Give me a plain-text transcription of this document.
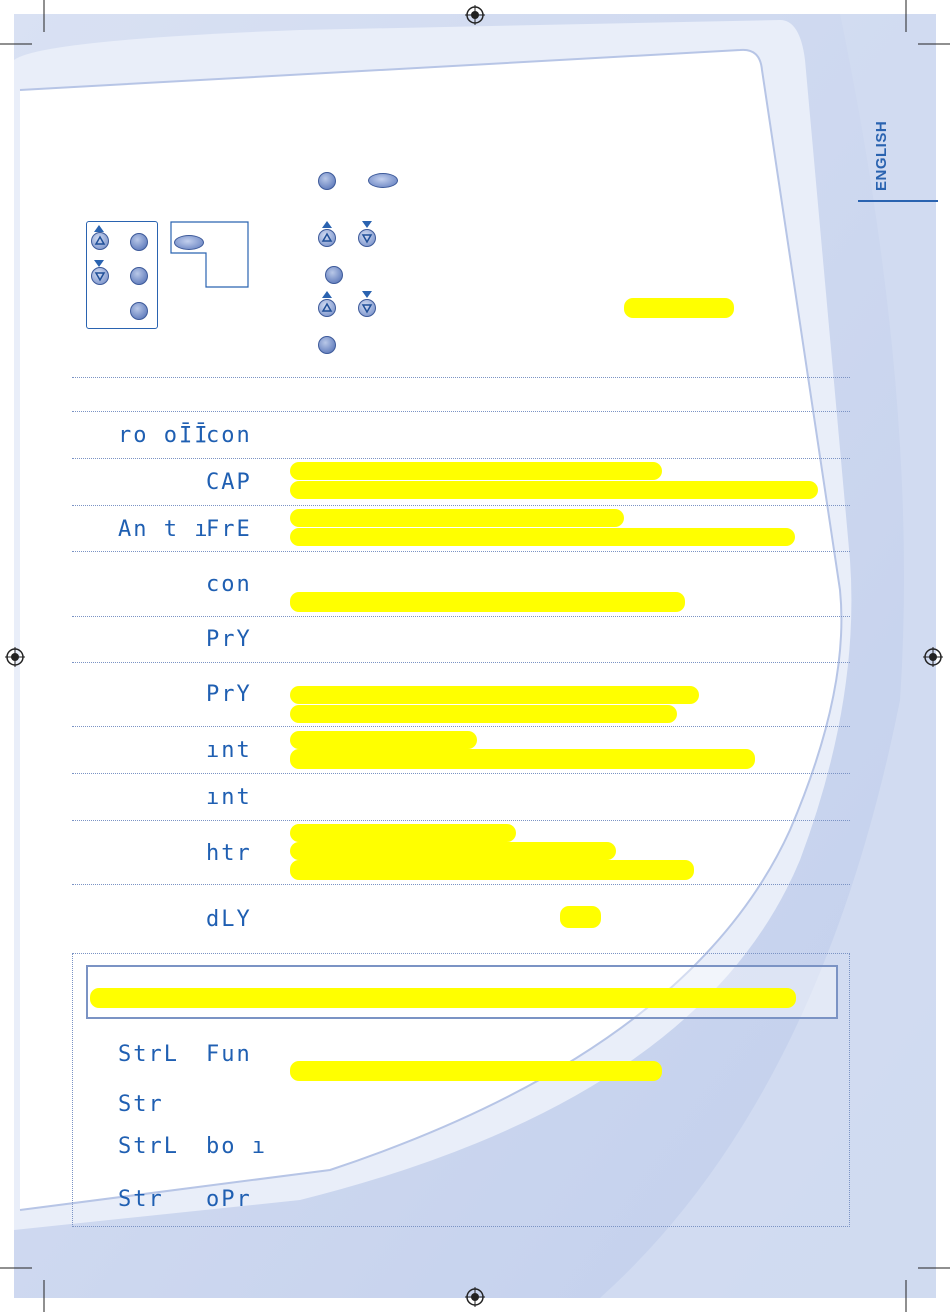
ENGLISH
ro oῙῙ
con
CAP
An t ı
FrE
con
PrY
PrY
ınt
ınt
htr
dLY
StrL Fun
Str
StrL bo ı
Str oPr
